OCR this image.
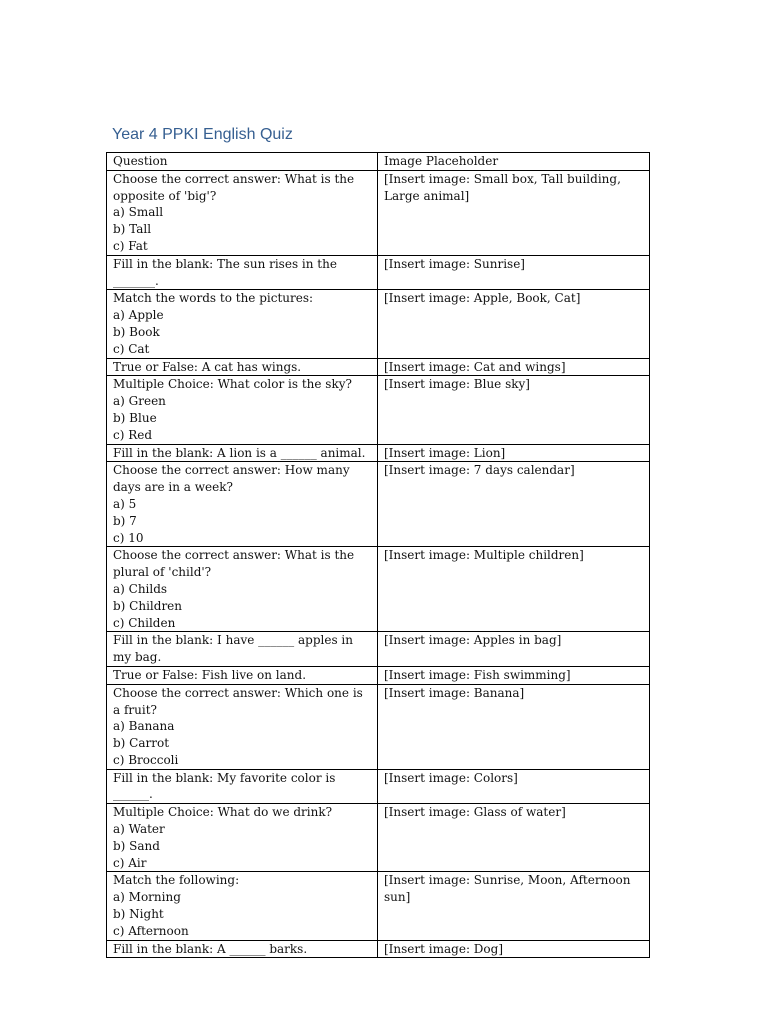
Year 4 PPKI English Quiz
Question	Image Placeholder
Choose the correct answer: What is the opposite of 'big'?
a) Small
b) Tall
c) Fat	[Insert image: Small box, Tall building, Large animal]
Fill in the blank: The sun rises in the _______.	[Insert image: Sunrise]
Match the words to the pictures:
a) Apple
b) Book
c) Cat	[Insert image: Apple, Book, Cat]
True or False: A cat has wings.	[Insert image: Cat and wings]
Multiple Choice: What color is the sky?
a) Green
b) Blue
c) Red	[Insert image: Blue sky]
Fill in the blank: A lion is a ______ animal.	[Insert image: Lion]
Choose the correct answer: How many days are in a week?
a) 5
b) 7
c) 10	[Insert image: 7 days calendar]
Choose the correct answer: What is the plural of 'child'?
a) Childs
b) Children
c) Childen	[Insert image: Multiple children]
Fill in the blank: I have ______ apples in my bag.	[Insert image: Apples in bag]
True or False: Fish live on land.	[Insert image: Fish swimming]
Choose the correct answer: Which one is a fruit?
a) Banana
b) Carrot
c) Broccoli	[Insert image: Banana]
Fill in the blank: My favorite color is ______.	[Insert image: Colors]
Multiple Choice: What do we drink?
a) Water
b) Sand
c) Air	[Insert image: Glass of water]
Match the following:
a) Morning
b) Night
c) Afternoon	[Insert image: Sunrise, Moon, Afternoon sun]
Fill in the blank: A ______ barks.	[Insert image: Dog]
